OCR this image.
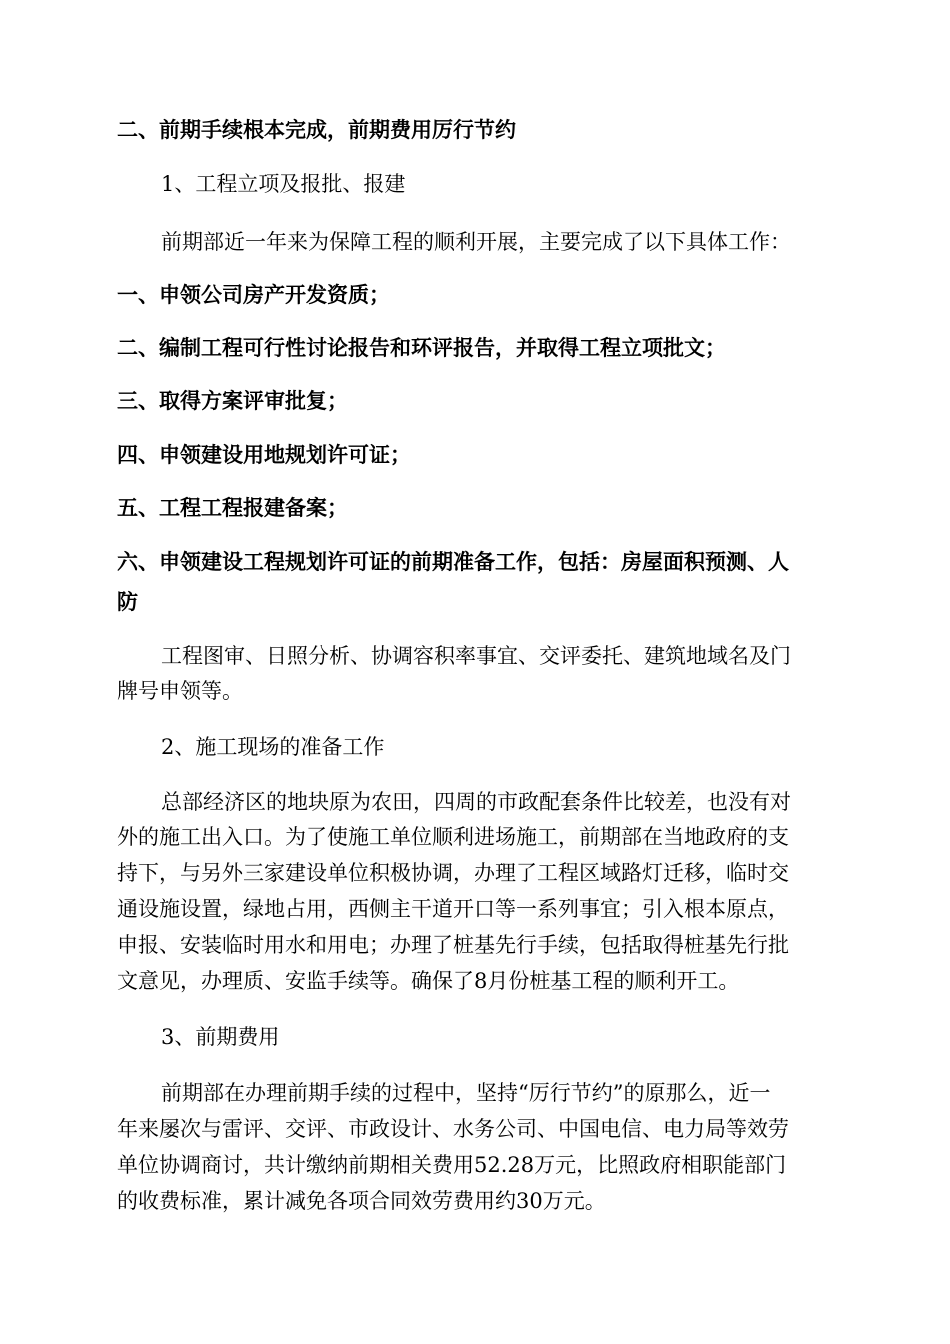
二、前期手续根本完成，前期费用厉行节约
1、工程立项及报批、报建
前期部近一年来为保障工程的顺利开展，主要完成了以下具体工作：
一、申领公司房产开发资质；
二、编制工程可行性讨论报告和环评报告，并取得工程立项批文；
三、取得方案评审批复；
四、申领建设用地规划许可证；
五、工程工程报建备案；
六、申领建设工程规划许可证的前期准备工作，包括：房屋面积预测、人
防
工程图审、日照分析、协调容积率事宜、交评委托、建筑地域名及门
牌号申领等。
2、施工现场的准备工作
总部经济区的地块原为农田，四周的市政配套条件比较差，也没有对
外的施工出入口。为了使施工单位顺利进场施工，前期部在当地政府的支
持下，与另外三家建设单位积极协调，办理了工程区域路灯迁移，临时交
通设施设置，绿地占用，西侧主干道开口等一系列事宜；引入根本原点，
申报、安装临时用水和用电；办理了桩基先行手续，包括取得桩基先行批
文意见，办理质、安监手续等。确保了8月份桩基工程的顺利开工。
3、前期费用
前期部在办理前期手续的过程中，坚持“厉行节约”的原那么，近一
年来屡次与雷评、交评、市政设计、水务公司、中国电信、电力局等效劳
单位协调商讨，共计缴纳前期相关费用52.28万元，比照政府相职能部门
的收费标准，累计减免各项合同效劳费用约30万元。
